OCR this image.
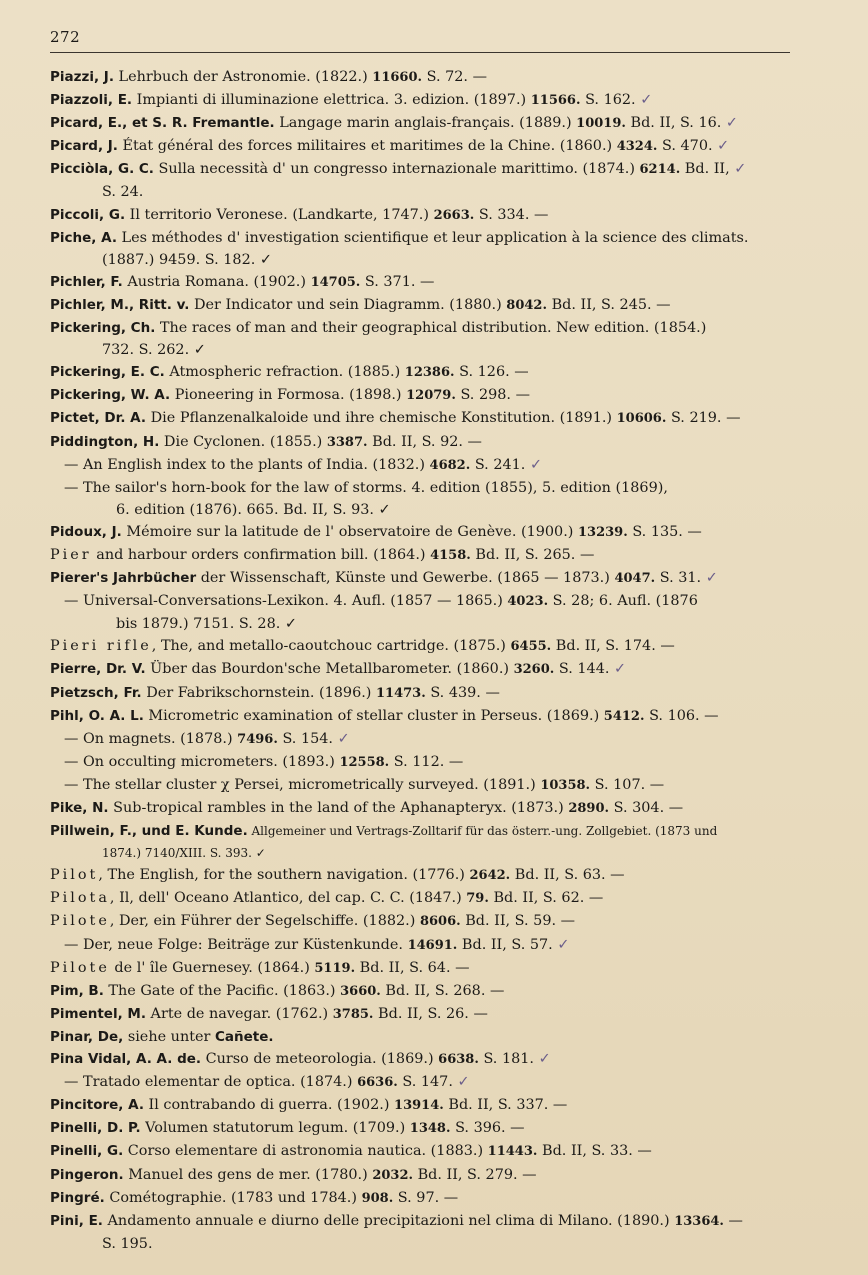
272

Piazzi, J. Lehrbuch der Astronomie. (1822.) 11660. S. 72. —

Piazzoli, E. Impianti di illuminazione elettrica. 3. edizion. (1897.) 11566. S. 162. ✓

Picard, E., et S. R. Fremantle. Langage marin anglais-français. (1889.) 10019. Bd. II, S. 16. ✓

Picard, J. État général des forces militaires et maritimes de la Chine. (1860.) 4324. S. 470. ✓

Picciòla, G. C. Sulla necessità d' un congresso internazionale marittimo. (1874.) 6214. Bd. II, ✓
S. 24.

Piccoli, G. Il territorio Veronese. (Landkarte, 1747.) 2663. S. 334. —

Piche, A. Les méthodes d' investigation scientifique et leur application à la science des climats.
(1887.) 9459. S. 182. ✓

Pichler, F. Austria Romana. (1902.) 14705. S. 371. —

Pichler, M., Ritt. v. Der Indicator und sein Diagramm. (1880.) 8042. Bd. II, S. 245. —

Pickering, Ch. The races of man and their geographical distribution. New edition. (1854.)
732. S. 262. ✓

Pickering, E. C. Atmospheric refraction. (1885.) 12386. S. 126. —

Pickering, W. A. Pioneering in Formosa. (1898.) 12079. S. 298. —

Pictet, Dr. A. Die Pflanzenalkaloide und ihre chemische Konstitution. (1891.) 10606. S. 219. —

Piddington, H. Die Cyclonen. (1855.) 3387. Bd. II, S. 92. —

— An English index to the plants of India. (1832.) 4682. S. 241. ✓

— The sailor's horn-book for the law of storms. 4. edition (1855), 5. edition (1869),
6. edition (1876). 665. Bd. II, S. 93. ✓

Pidoux, J. Mémoire sur la latitude de l' observatoire de Genève. (1900.) 13239. S. 135. —

Pier and harbour orders confirmation bill. (1864.) 4158. Bd. II, S. 265. —

Pierer's Jahrbücher der Wissenschaft, Künste und Gewerbe. (1865 — 1873.) 4047. S. 31. ✓

— Universal-Conversations-Lexikon. 4. Aufl. (1857 — 1865.) 4023. S. 28; 6. Aufl. (1876
bis 1879.) 7151. S. 28. ✓

Pieri rifle, The, and metallo-caoutchouc cartridge. (1875.) 6455. Bd. II, S. 174. —

Pierre, Dr. V. Über das Bourdon'sche Metallbarometer. (1860.) 3260. S. 144. ✓

Pietzsch, Fr. Der Fabrikschornstein. (1896.) 11473. S. 439. —

Pihl, O. A. L. Micrometric examination of stellar cluster in Perseus. (1869.) 5412. S. 106. —

— On magnets. (1878.) 7496. S. 154. ✓

— On occulting micrometers. (1893.) 12558. S. 112. —

— The stellar cluster χ Persei, micrometrically surveyed. (1891.) 10358. S. 107. —

Pike, N. Sub-tropical rambles in the land of the Aphanapteryx. (1873.) 2890. S. 304. —

Pillwein, F., und E. Kunde. Allgemeiner und Vertrags-Zolltarif für das österr.-ung. Zollgebiet. (1873 und
1874.) 7140/XIII. S. 393. ✓

Pilot, The English, for the southern navigation. (1776.) 2642. Bd. II, S. 63. —

Pilota, Il, dell' Oceano Atlantico, del cap. C. C. (1847.) 79. Bd. II, S. 62. —

Pilote, Der, ein Führer der Segelschiffe. (1882.) 8606. Bd. II, S. 59. —

— Der, neue Folge: Beiträge zur Küstenkunde. 14691. Bd. II, S. 57. ✓

Pilote de l' île Guernesey. (1864.) 5119. Bd. II, S. 64. —

Pim, B. The Gate of the Pacific. (1863.) 3660. Bd. II, S. 268. —

Pimentel, M. Arte de navegar. (1762.) 3785. Bd. II, S. 26. —

Pinar, De, siehe unter Cañete.

Pina Vidal, A. A. de. Curso de meteorologia. (1869.) 6638. S. 181. ✓

— Tratado elementar de optica. (1874.) 6636. S. 147. ✓

Pincitore, A. Il contrabando di guerra. (1902.) 13914. Bd. II, S. 337. —

Pinelli, D. P. Volumen statutorum legum. (1709.) 1348. S. 396. —

Pinelli, G. Corso elementare di astronomia nautica. (1883.) 11443. Bd. II, S. 33. —

Pingeron. Manuel des gens de mer. (1780.) 2032. Bd. II, S. 279. —

Pingré. Cométographie. (1783 und 1784.) 908. S. 97. —

Pini, E. Andamento annuale e diurno delle precipitazioni nel clima di Milano. (1890.) 13364. —
S. 195.
